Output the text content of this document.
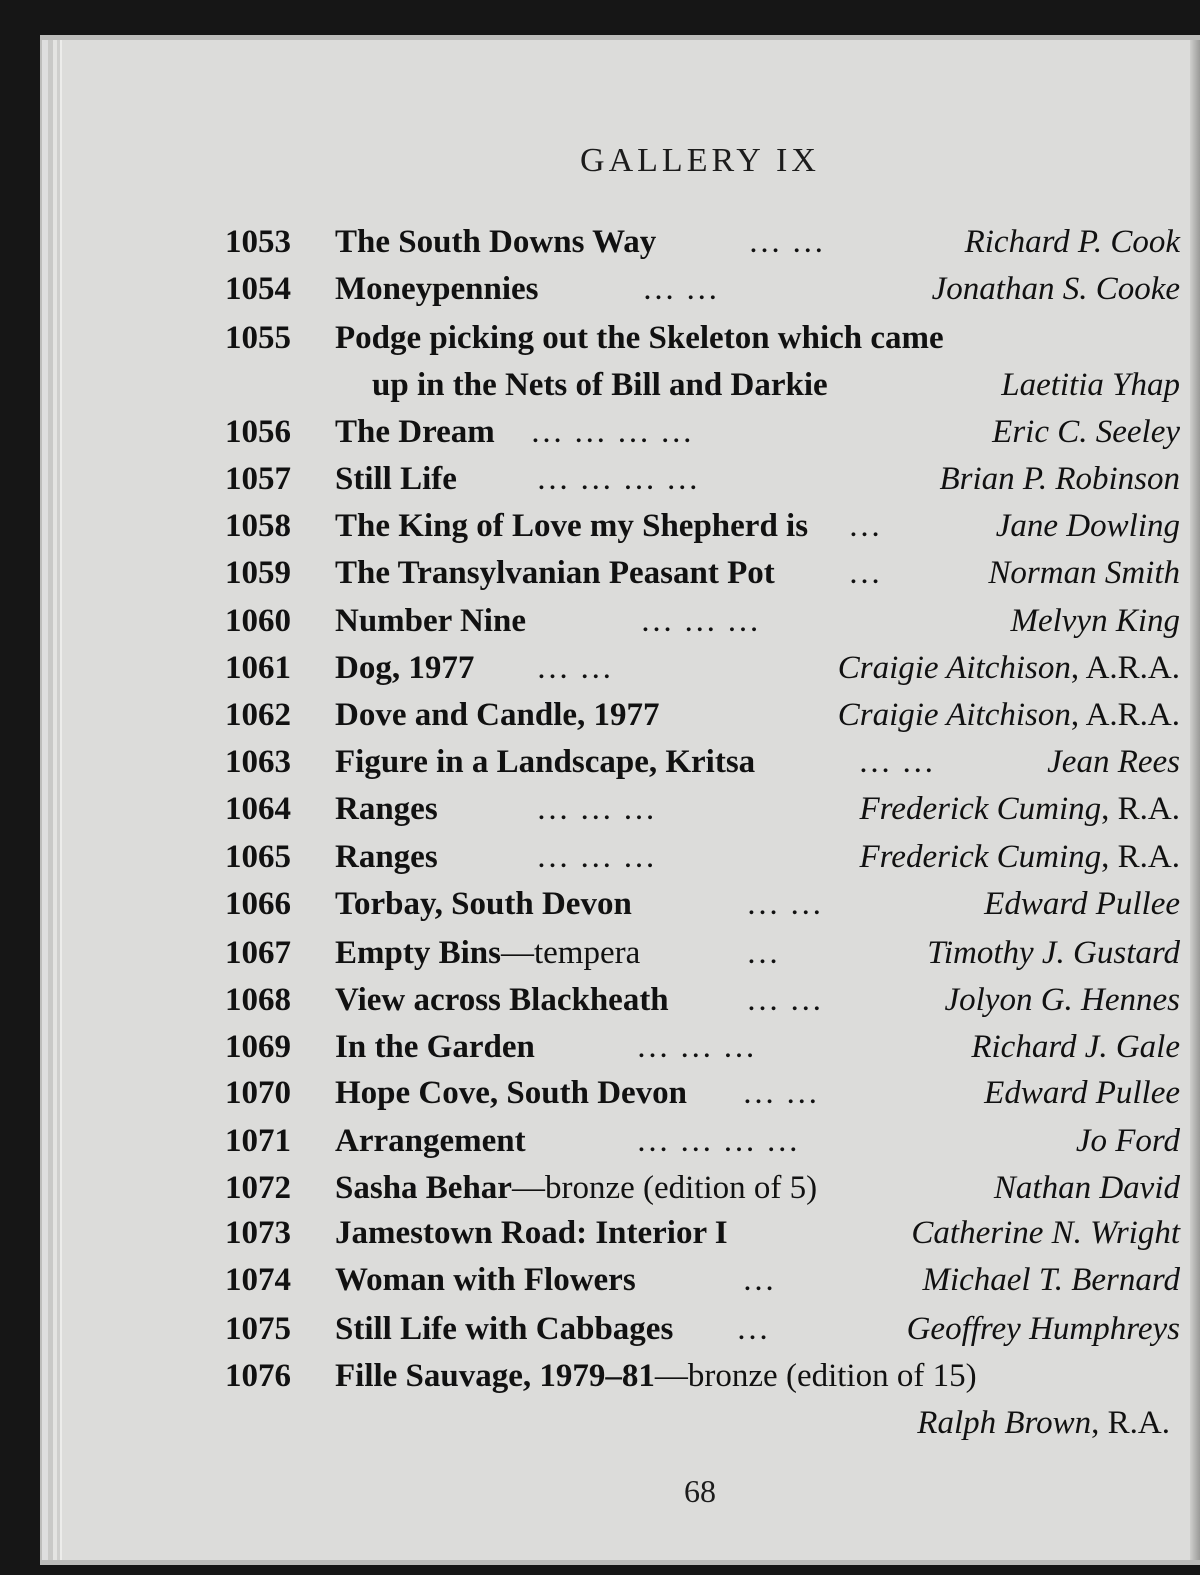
GALLERY IX
1053 The South Downs Way	… …	Richard P. Cook
1054 Moneypennies	… …	Jonathan S. Cooke
1055 Podge picking out the Skeleton which came
up in the Nets of Bill and Darkie	Laetitia Yhap
1056 The Dream … … … …	Eric C. Seeley
1057 Still Life … … … …	Brian P. Robinson
1058 The King of Love my Shepherd is …	Jane Dowling
1059 The Transylvanian Peasant Pot …	Norman Smith
1060 Number Nine	… … …	Melvyn King
1061 Dog, 1977 … …	Craigie Aitchison, A.R.A.
1062 Dove and Candle, 1977	Craigie Aitchison, A.R.A.
1063 Figure in a Landscape, Kritsa	… …	Jean Rees
1064 Ranges	… … …	Frederick Cuming, R.A.
1065 Ranges	… … …	Frederick Cuming, R.A.
1066 Torbay, South Devon	… …	Edward Pullee
1067 Empty Bins—tempera	…	Timothy J. Gustard
1068 View across Blackheath … …	Jolyon G. Hennes
1069 In the Garden	… … …	Richard J. Gale
1070 Hope Cove, South Devon … …	Edward Pullee
1071 Arrangement	… … … …	Jo Ford
1072 Sasha Behar—bronze (edition of 5)	Nathan David
1073 Jamestown Road: Interior I	Catherine N. Wright
1074 Woman with Flowers	…	Michael T. Bernard
1075 Still Life with Cabbages …	Geoffrey Humphreys
1076 Fille Sauvage, 1979–81—bronze (edition of 15)
Ralph Brown, R.A.
68
